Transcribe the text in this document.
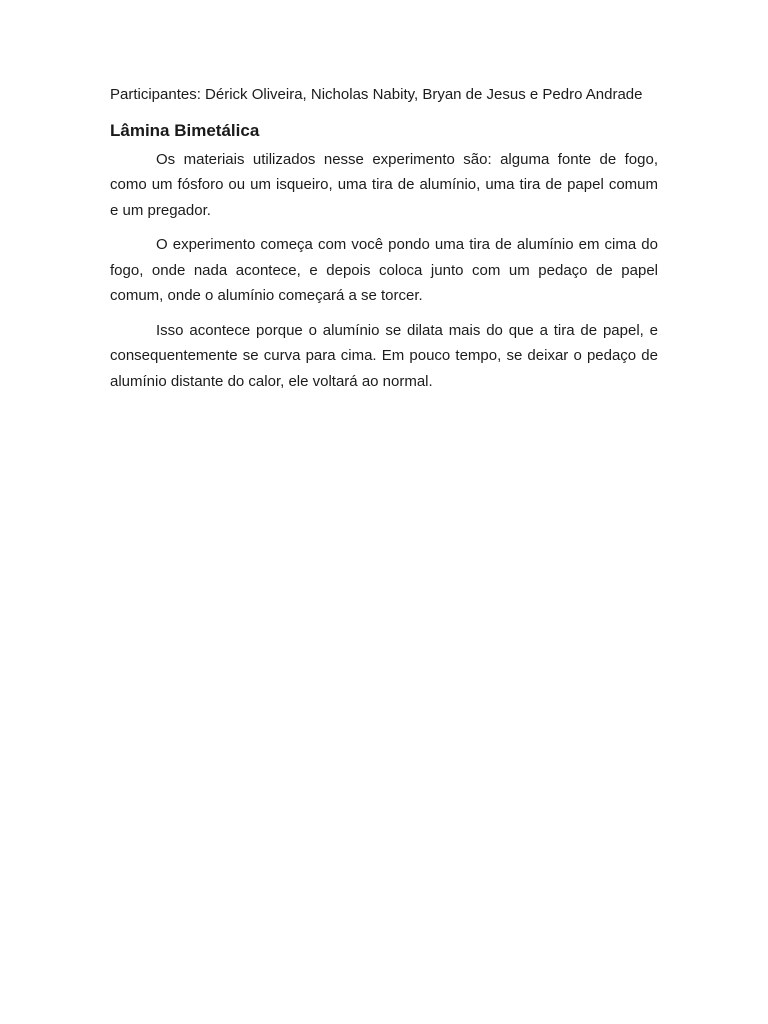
Participantes: Dérick Oliveira, Nicholas Nabity, Bryan de Jesus e Pedro Andrade

Lâmina Bimetálica

Os materiais utilizados nesse experimento são: alguma fonte de fogo, como um fósforo ou um isqueiro, uma tira de alumínio, uma tira de papel comum e um pregador.

O experimento começa com você pondo uma tira de alumínio em cima do fogo, onde nada acontece, e depois coloca junto com um pedaço de papel comum, onde o alumínio começará a se torcer.

Isso acontece porque o alumínio se dilata mais do que a tira de papel, e consequentemente se curva para cima. Em pouco tempo, se deixar o pedaço de alumínio distante do calor, ele voltará ao normal.
